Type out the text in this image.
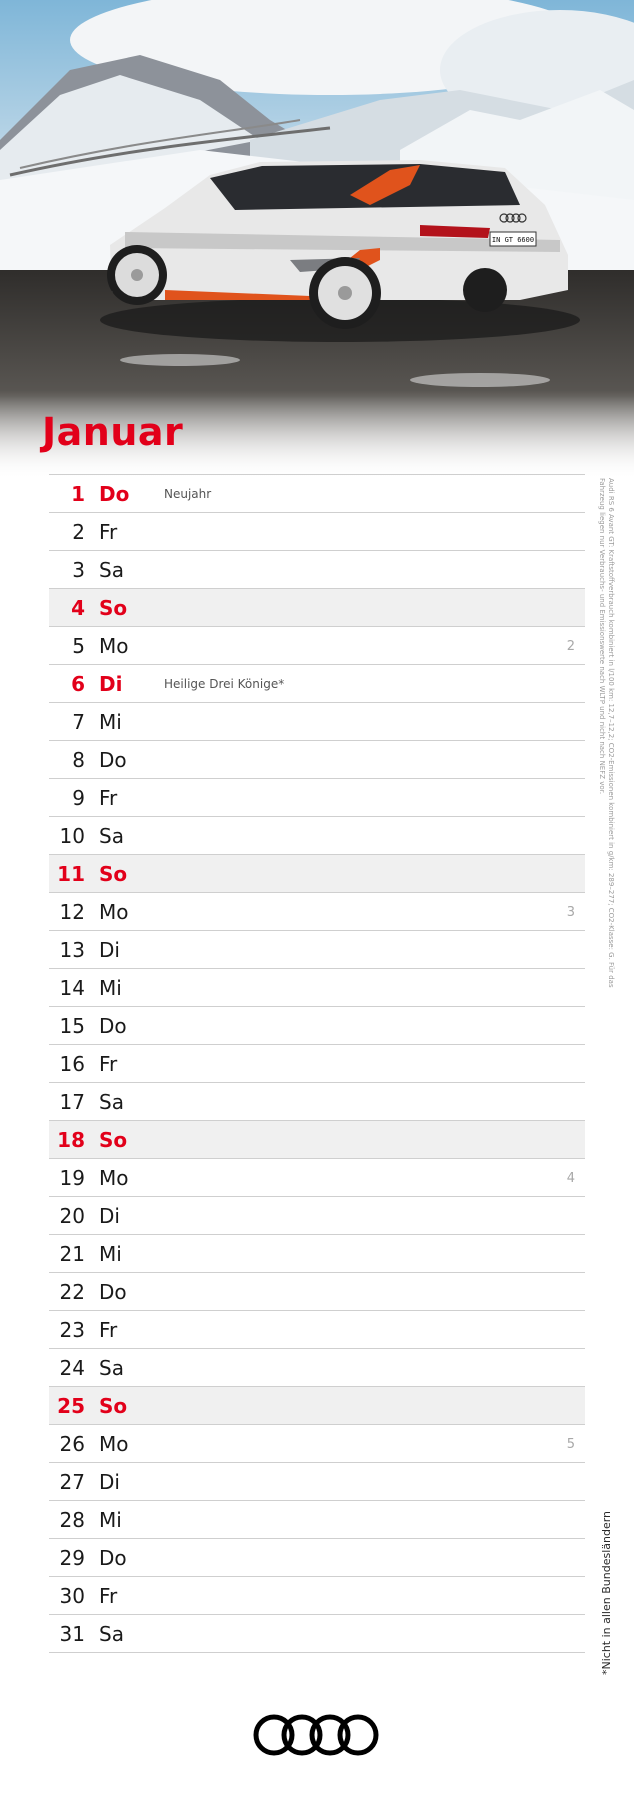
IN GT 6600
Januar
1 Do	Neujahr
2 Fr
3 Sa
4 So
5 Mo	2
6 Di	Heilige Drei Könige*
7 Mi
8 Do
9 Fr
10 Sa
11 So
12 Mo	3
13 Di
14 Mi
15 Do
16 Fr
17 Sa
18 So
19 Mo	4
20 Di
21 Mi
22 Do
23 Fr
24 Sa
25 So
26 Mo	5
27 Di
28 Mi
29 Do
30 Fr
31 Sa
Audi RS 6 Avant GT: Kraftstoffverbrauch kombiniert in l/100 km: 12,7–12,2; CO2-Emissionen kombiniert in g/km: 289–277; CO2-Klasse: G. Für das Fahrzeug liegen nur Verbrauchs- und Emissionswerte nach WLTP und nicht nach NEFZ vor.
*Nicht in allen Bundesländern
